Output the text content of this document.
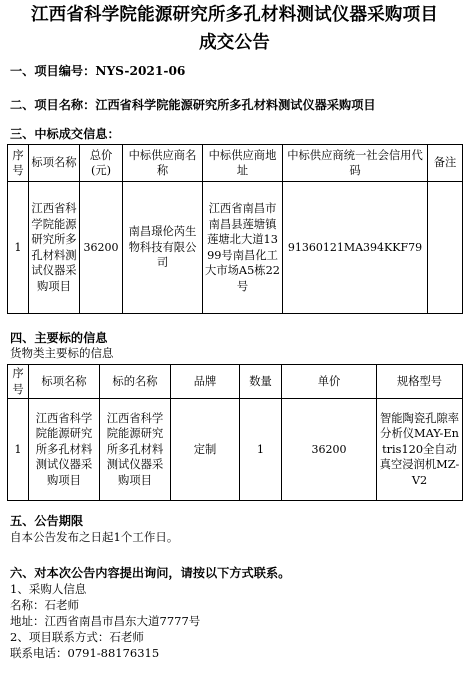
江西省科学院能源研究所多孔材料测试仪器采购项目
成交公告
一、项目编号：NYS-2021-06
二、项目名称：江西省科学院能源研究所多孔材料测试仪器采购项目
三、中标成交信息：
序号	标项名称	总价(元)	中标供应商名称	中标供应商地址	中标供应商统一社会信用代码	备注
1	江西省科学院能源研究所多孔材料测试仪器采购项目	36200	南昌璟伦芮生物科技有限公司	江西省南昌市南昌县莲塘镇莲塘北大道1399号南昌化工大市场A5栋22号	91360121MA394KKF79	
四、主要标的信息
货物类主要标的信息
序号	标项名称	标的名称	品牌	数量	单价	规格型号
1	江西省科学院能源研究所多孔材料测试仪器采购项目	江西省科学院能源研究所多孔材料测试仪器采购项目	定制	1	36200	智能陶瓷孔隙率分析仪MAY-Entris120全自动真空浸润机MZ-V2
五、公告期限
自本公告发布之日起1个工作日。
六、对本次公告内容提出询问，请按以下方式联系。
1、采购人信息
名称：石老师
地址：江西省南昌市昌东大道7777号
2、项目联系方式：石老师
联系电话：0791-88176315
